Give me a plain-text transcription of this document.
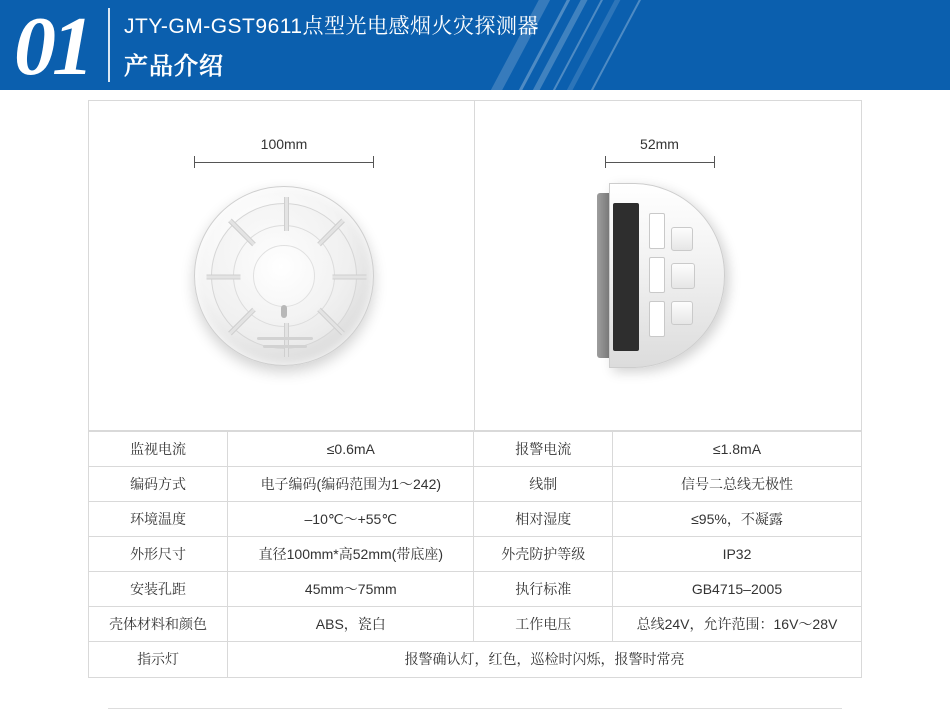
01 JTY-GM-GST9611点型光电感烟火灾探测器
产品介绍
100mm	52mm
监视电流	≤0.6mA	报警电流	≤1.8mA
编码方式	电子编码(编码范围为1～242)	线制	信号二总线无极性
环境温度	–10℃～+55℃	相对湿度	≤95%，不凝露
外形尺寸	直径100mm*高52mm(带底座)	外壳防护等级	IP32
安装孔距	45mm～75mm	执行标准	GB4715–2005
壳体材料和颜色	ABS，瓷白	工作电压	总线24V，允许范围：16V～28V
指示灯	报警确认灯，红色，巡检时闪烁，报警时常亮		
